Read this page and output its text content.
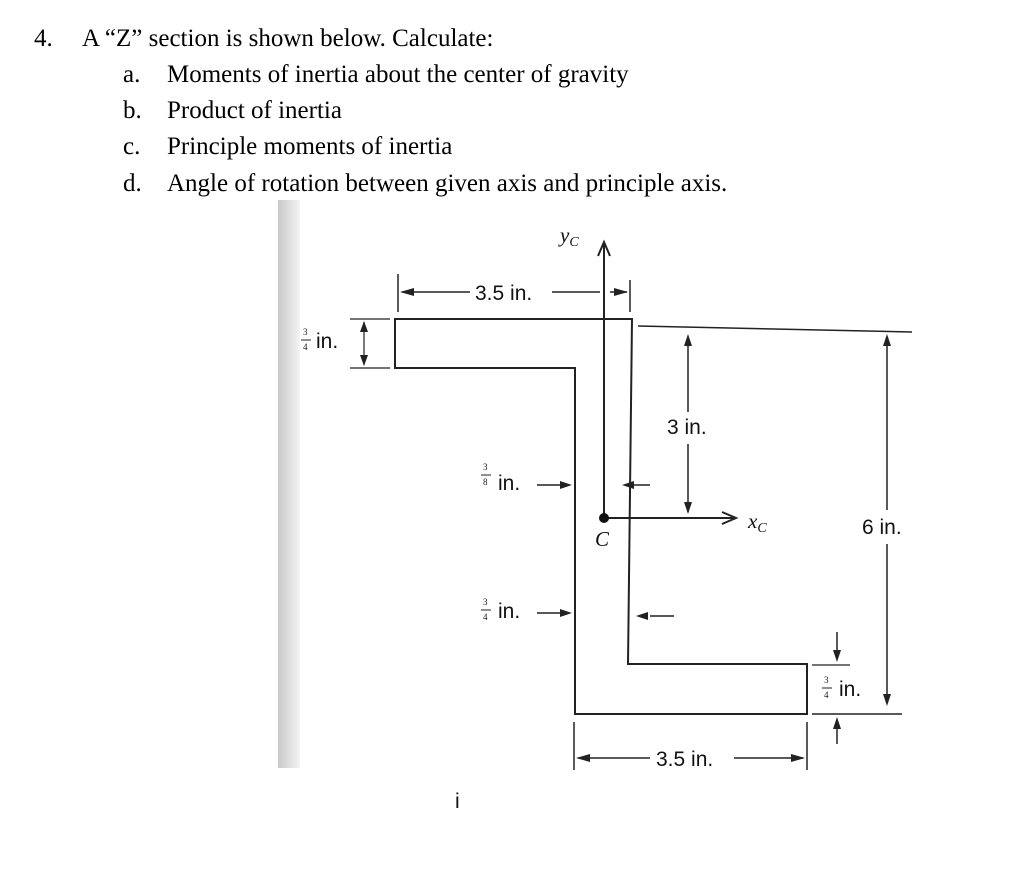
4. A “Z” section is shown below. Calculate:
a. Moments of inertia about the center of gravity
b. Product of inertia
c. Principle moments of inertia
d. Angle of rotation between given axis and principle axis.
yC
xC
C
3.5 in.
3
4 in.
3 in.
3
8 in.
6 in.
3
4 in.
3
4 in.
3.5 in.
i
